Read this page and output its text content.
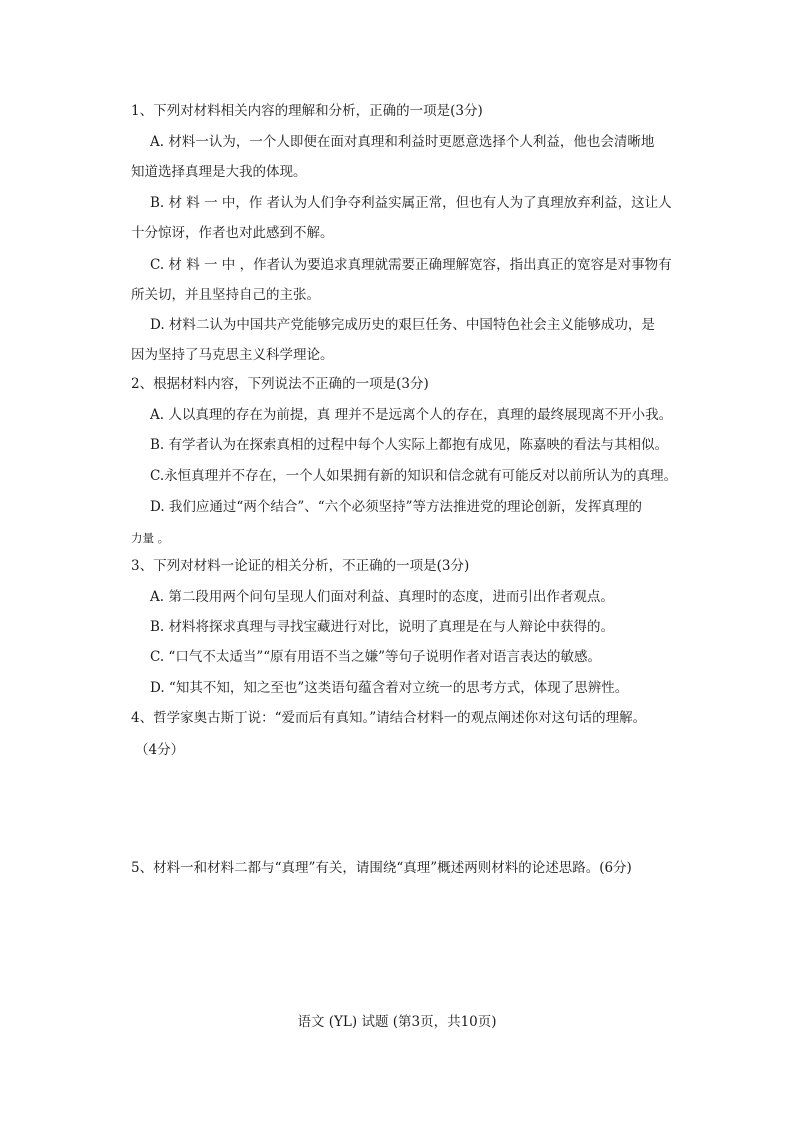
1、下列对材料相关内容的理解和分析，正确的一项是(3分)
A. 材料一认为，一个人即便在面对真理和利益时更愿意选择个人利益，他也会清晰地
知道选择真理是大我的体现。
B. 材 料 一 中，作 者认为人们争夺利益实属正常，但也有人为了真理放弃利益，这让人
十分惊讶，作者也对此感到不解。
C. 材 料 一 中 ，作者认为要追求真理就需要正确理解宽容，指出真正的宽容是对事物有
所关切，并且坚持自己的主张。
D. 材料二认为中国共产党能够完成历史的艰巨任务、中国特色社会主义能够成功，是
因为坚持了马克思主义科学理论。
2、根据材料内容，下列说法不正确的一项是(3分)
A. 人以真理的存在为前提，真 理并不是远离个人的存在，真理的最终展现离不开小我。
B. 有学者认为在探索真相的过程中每个人实际上都抱有成见，陈嘉映的看法与其相似。
C.永恒真理并不存在，一个人如果拥有新的知识和信念就有可能反对以前所认为的真理。
D. 我们应通过“两个结合”、“六个必须坚持”等方法推进党的理论创新，发挥真理的
力量 。
3、下列对材料一论证的相关分析，不正确的一项是(3分)
A. 第二段用两个问句呈现人们面对利益、真理时的态度，进而引出作者观点。
B. 材料将探求真理与寻找宝藏进行对比，说明了真理是在与人辩论中获得的。
C. “口气不太适当”“原有用语不当之嫌”等句子说明作者对语言表达的敏感。
D. “知其不知，知之至也”这类语句蕴含着对立统一的思考方式，体现了思辨性。
4、哲学家奥古斯丁说：“爱而后有真知。”请结合材料一的观点阐述你对这句话的理解。
（4分）
5、材料一和材料二都与“真理”有关，请围绕“真理”概述两则材料的论述思路。(6分)
语文 (YL) 试题 (第3页，共10页)
